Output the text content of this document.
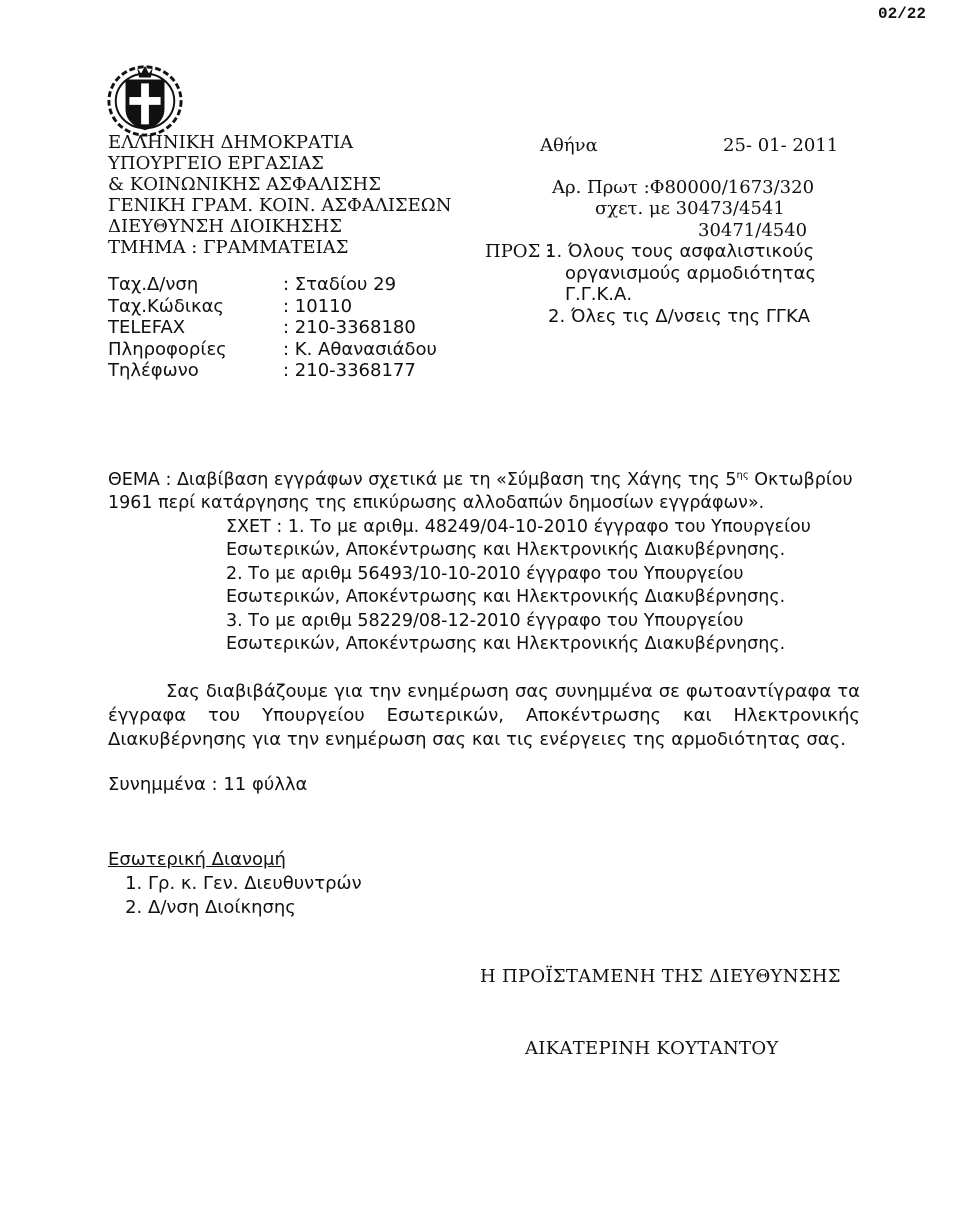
02/22
ΕΛΛΗΝΙΚΗ ΔΗΜΟΚΡΑΤΙΑ
ΥΠΟΥΡΓΕΙΟ ΕΡΓΑΣΙΑΣ
& ΚΟΙΝΩΝΙΚΗΣ ΑΣΦΑΛΙΣΗΣ
ΓΕΝΙΚΗ ΓΡΑΜ. ΚΟΙΝ. ΑΣΦΑΛΙΣΕΩΝ
ΔΙΕΥΘΥΝΣΗ ΔΙΟΙΚΗΣΗΣ
ΤΜΗΜΑ : ΓΡΑΜΜΑΤΕΙΑΣ
Ταχ.Δ/νση	: Σταδίου 29
Ταχ.Κώδικας	: 10110
TELEFAX	: 210-3368180
Πληροφορίες	: Κ. Αθανασιάδου
Τηλέφωνο	: 210-3368177
Αθήνα	25- 01- 2011
Αρ. Πρωτ :Φ80000/1673/320
σχετ. με 30473/4541
30471/4540
ΠΡΟΣ :
1. Όλους τους ασφαλιστικούς
οργανισμούς αρμοδιότητας
Γ.Γ.Κ.Α.
2. Όλες τις Δ/νσεις της ΓΓΚΑ
ΘΕΜΑ : Διαβίβαση εγγράφων σχετικά με τη «Σύμβαση της Χάγης της $5^{\eta\varsigma}$ Οκτωβρίου 1961 περί κατάργησης της επικύρωσης αλλοδαπών δημοσίων εγγράφων».
ΣΧΕΤ : 1. Το με αριθμ. 48249/04-10-2010 έγγραφο του Υπουργείου Εσωτερικών, Αποκέντρωσης και Ηλεκτρονικής Διακυβέρνησης.
2. Το με αριθμ 56493/10-10-2010 έγγραφο του Υπουργείου Εσωτερικών, Αποκέντρωσης και Ηλεκτρονικής Διακυβέρνησης.
3. Το με αριθμ 58229/08-12-2010 έγγραφο του Υπουργείου Εσωτερικών, Αποκέντρωσης και Ηλεκτρονικής Διακυβέρνησης.
Σας διαβιβάζουμε για την ενημέρωση σας συνημμένα σε φωτοαντίγραφα τα έγγραφα του Υπουργείου Εσωτερικών, Αποκέντρωσης και Ηλεκτρονικής Διακυβέρνησης για την ενημέρωση σας και τις ενέργειες της αρμοδιότητας σας.
Συνημμένα : 11 φύλλα
Εσωτερική Διανομή
1. Γρ. κ. Γεν. Διευθυντρών
2. Δ/νση Διοίκησης
Η ΠΡΟΪΣΤΑΜΕΝΗ ΤΗΣ ΔΙΕΥΘΥΝΣΗΣ
ΑΙΚΑΤΕΡΙΝΗ ΚΟΥΤΑΝΤΟΥ
